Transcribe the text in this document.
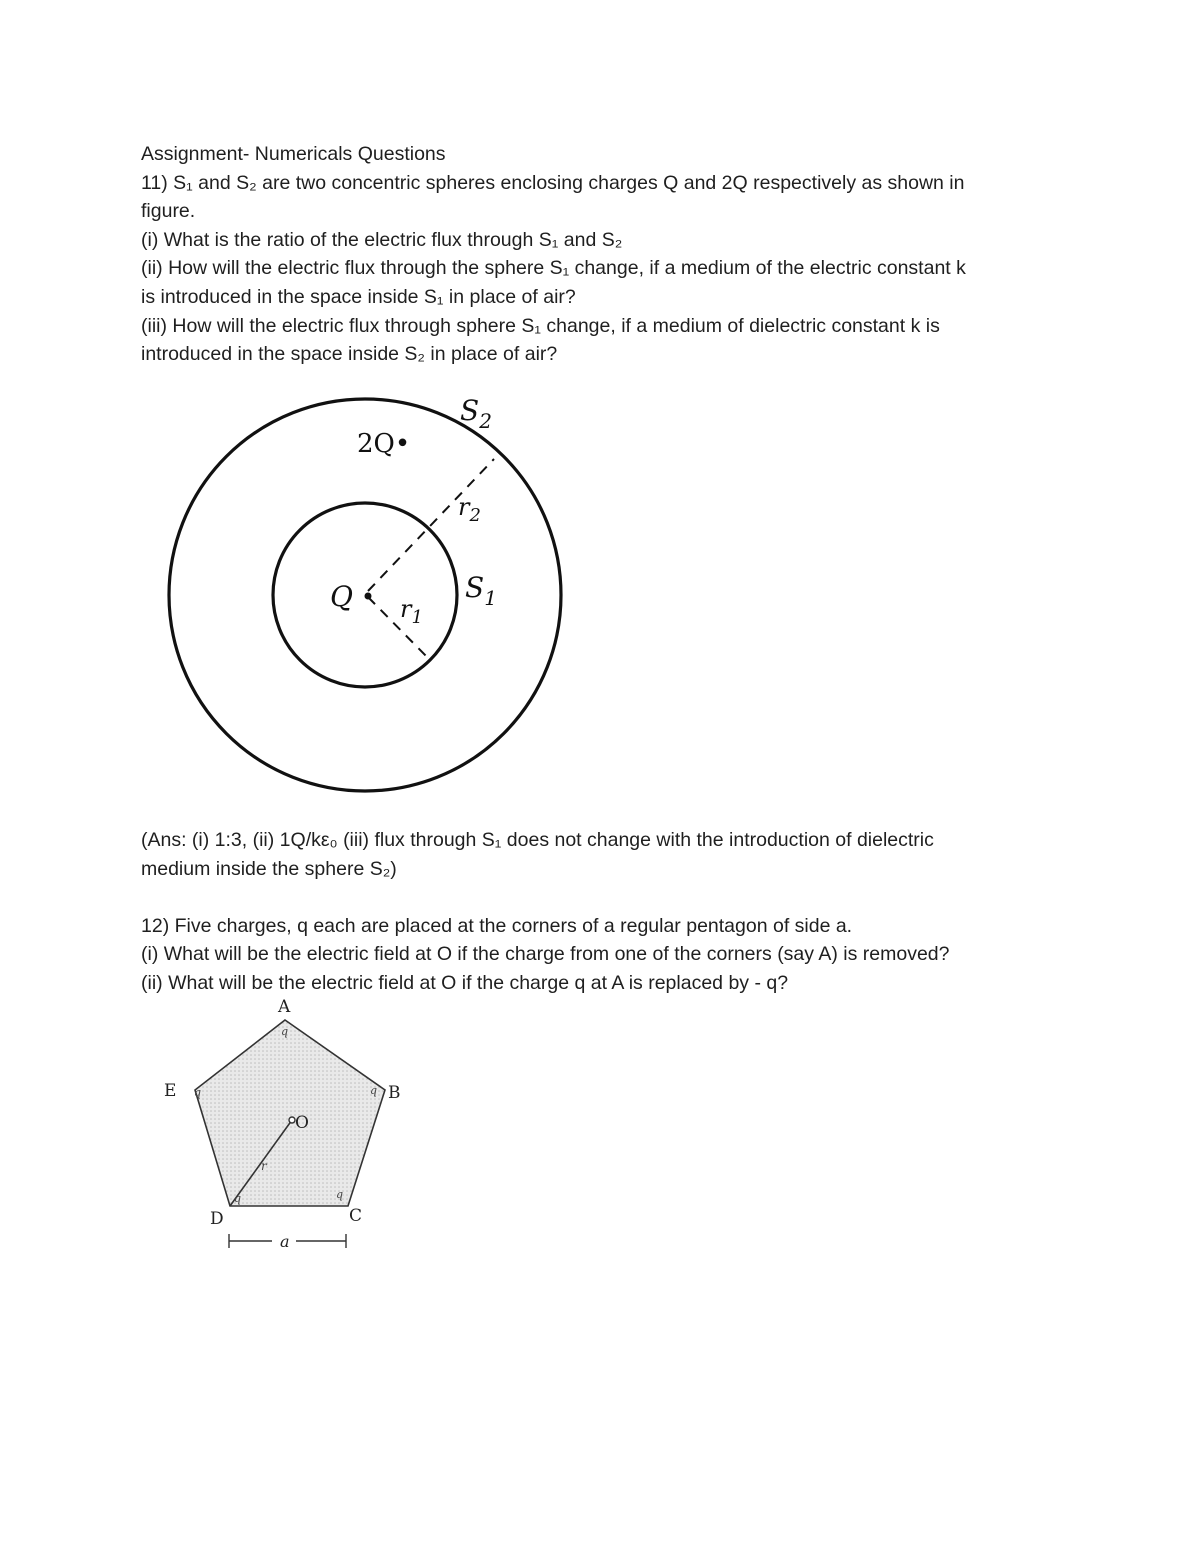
Assignment- Numericals Questions
11) S₁ and S₂ are two concentric spheres enclosing charges Q and 2Q respectively as shown in
figure.
(i) What is the ratio of the electric flux through S₁ and S₂
(ii) How will the electric flux through the sphere S₁ change, if a medium of the electric constant k
is introduced in the space inside S₁ in place of air?
(iii) How will the electric flux through sphere S₁ change, if a medium of dielectric constant k is
introduced in the space inside S₂ in place of air?
$S_2$
$S_1$
2Q•
Q $r_1$
$r_2$
(Ans: (i) 1:3, (ii) 1Q/kε₀ (iii) flux through S₁ does not change with the introduction of dielectric
medium inside the sphere S₂)
12) Five charges, q each are placed at the corners of a regular pentagon of side a.
(i) What will be the electric field at O if the charge from one of the corners (say A) is removed?
(ii) What will be the electric field at O if the charge q at A is replaced by - q?
A
B
C
D
E
O
q
q
q
q
q
r
a
